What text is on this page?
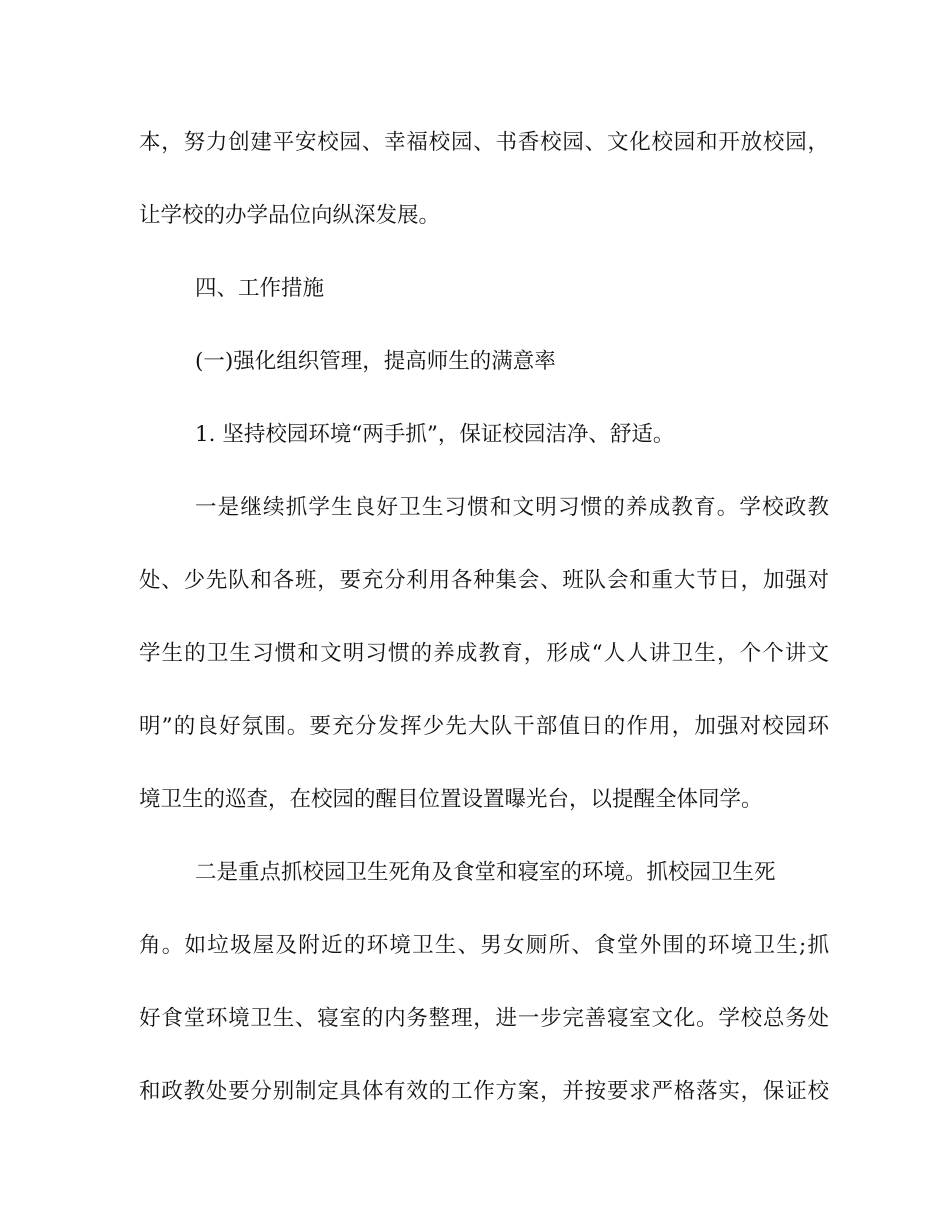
本，努力创建平安校园、幸福校园、书香校园、文化校园和开放校园，
让学校的办学品位向纵深发展。
四、工作措施
(一)强化组织管理，提高师生的满意率
1. 坚持校园环境“两手抓”，保证校园洁净、舒适。
一是继续抓学生良好卫生习惯和文明习惯的养成教育。学校政教
处、少先队和各班，要充分利用各种集会、班队会和重大节日，加强对
学生的卫生习惯和文明习惯的养成教育，形成“人人讲卫生，个个讲文
明”的良好氛围。要充分发挥少先大队干部值日的作用，加强对校园环
境卫生的巡查，在校园的醒目位置设置曝光台，以提醒全体同学。
二是重点抓校园卫生死角及食堂和寝室的环境。抓校园卫生死
角。如垃圾屋及附近的环境卫生、男女厕所、食堂外围的环境卫生;抓
好食堂环境卫生、寝室的内务整理，进一步完善寝室文化。学校总务处
和政教处要分别制定具体有效的工作方案，并按要求严格落实，保证校
